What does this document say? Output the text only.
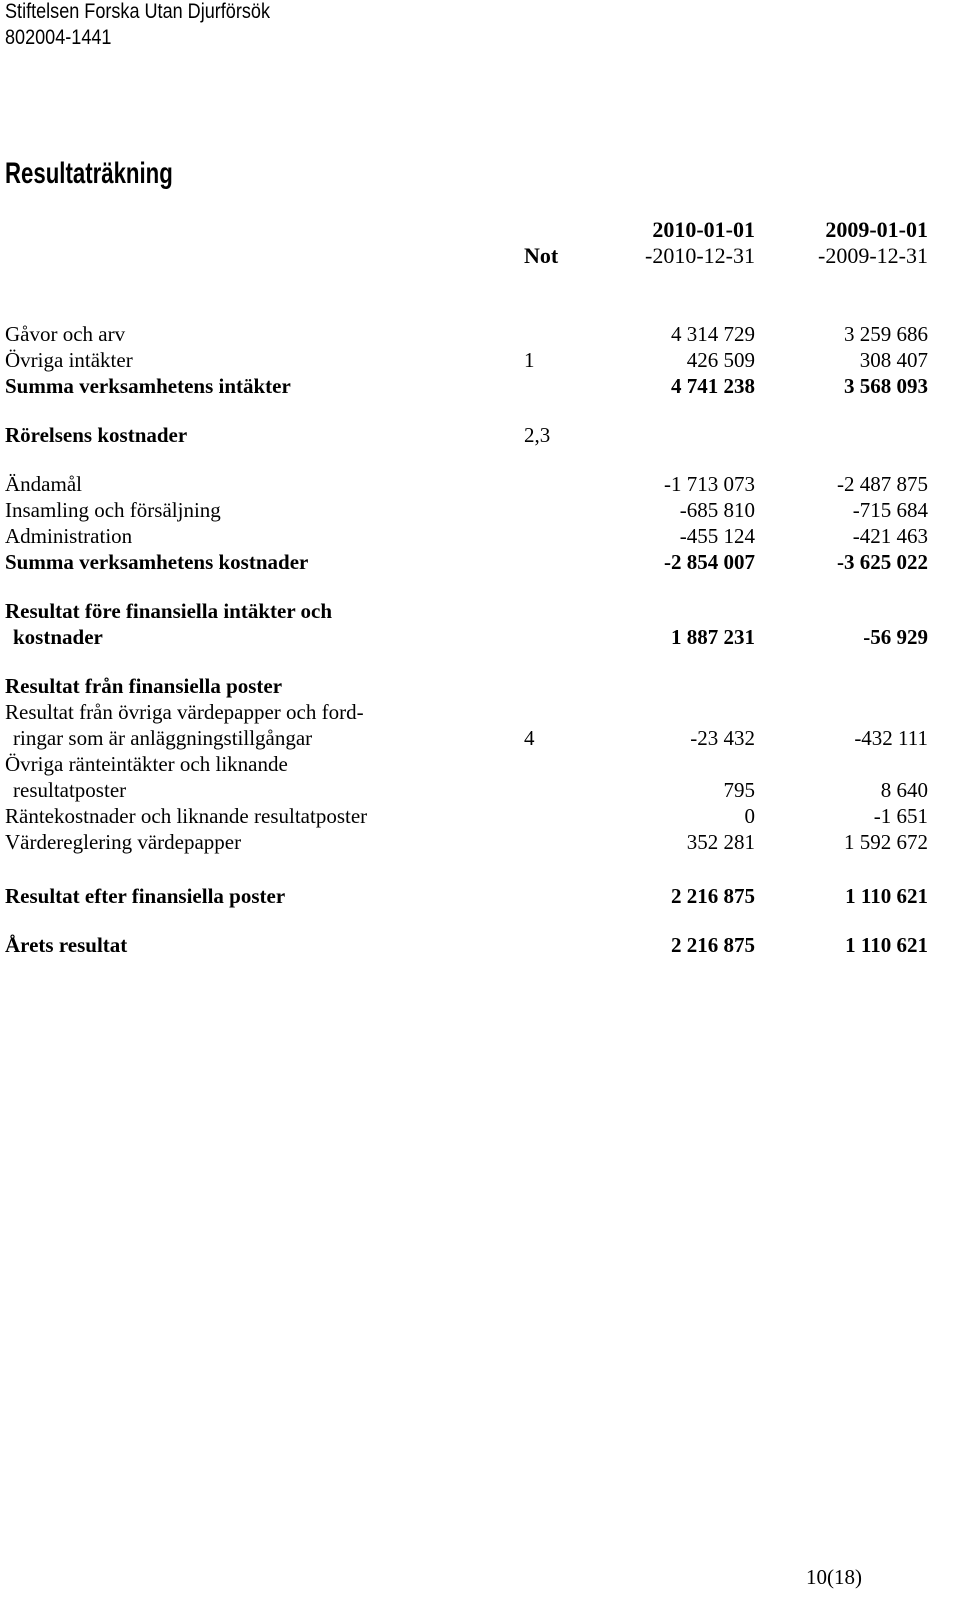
Stiftelsen Forska Utan Djurförsök
802004-1441
Resultaträkning
2010-01-01	2009-01-01
Not	-2010-12-31	-2009-12-31
Gåvor och arv	4 314 729	3 259 686
Övriga intäkter	1	426 509	308 407
Summa verksamhetens intäkter	4 741 238	3 568 093
Rörelsens kostnader	2,3
Ändamål	-1 713 073	-2 487 875
Insamling och försäljning	-685 810	-715 684
Administration	-455 124	-421 463
Summa verksamhetens kostnader	-2 854 007	-3 625 022
Resultat före finansiella intäkter och
kostnader	1 887 231	-56 929
Resultat från finansiella poster
Resultat från övriga värdepapper och ford-
ringar som är anläggningstillgångar	4	-23 432	-432 111
Övriga ränteintäkter och liknande
resultatposter	795	8 640
Räntekostnader och liknande resultatposter	0	-1 651
Värdereglering värdepapper	352 281	1 592 672
Resultat efter finansiella poster	2 216 875	1 110 621
Årets resultat	2 216 875	1 110 621
10(18)
